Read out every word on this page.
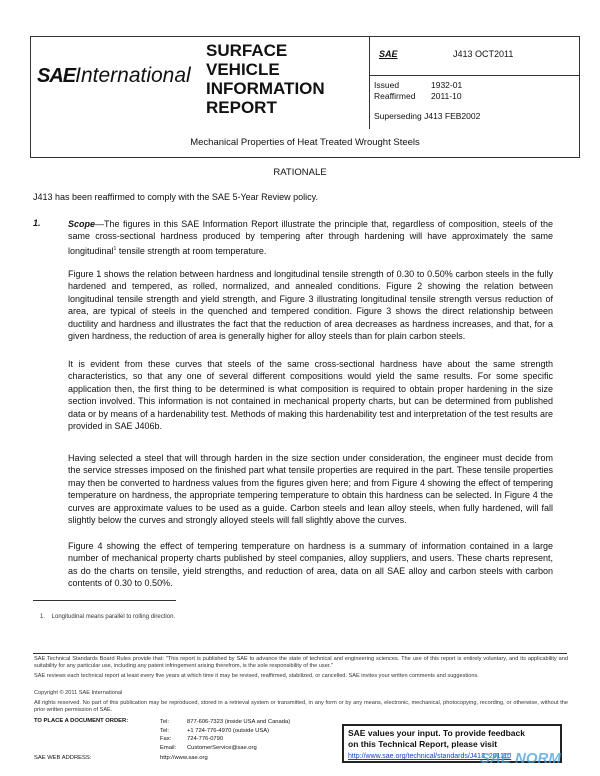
SAEInternational
SURFACE
VEHICLE
INFORMATION
REPORT
SAE	J413 OCT2011
Issued	1932-01
Reaffirmed 2011-10
Superseding J413 FEB2002
Mechanical Properties of Heat Treated Wrought Steels
RATIONALE
J413 has been reaffirmed to comply with the SAE 5-Year Review policy.
1.	Scope—The figures in this SAE Information Report illustrate the principle that, regardless of composition, steels of the same cross-sectional hardness produced by tempering after through hardening will have approximately the same longitudinal$^1$ tensile strength at room temperature.

Figure 1 shows the relation between hardness and longitudinal tensile strength of 0.30 to 0.50% carbon steels in the fully hardened and tempered, as rolled, normalized, and annealed conditions. Figure 2 showing the relation between longitudinal tensile strength and yield strength, and Figure 3 illustrating longitudinal tensile strength versus reduction of area, are typical of steels in the quenched and tempered condition. Figure 3 shows the direct relationship between ductility and hardness and illustrates the fact that the reduction of area decreases as hardness increases, and that, for a given hardness, the reduction of area is generally higher for alloy steels than for plain carbon steels.

It is evident from these curves that steels of the same cross-sectional hardness have about the same strength characteristics, so that any one of several different compositions would yield the same results. For some specific application then, the first thing to be determined is what composition is required to obtain proper hardening in the size section involved. This information is not contained in mechanical property charts, but can be determined from published data or by means of a hardenability test. Methods of making this hardenability test and interpretation of the test results are provided in SAE J406b.

Having selected a steel that will through harden in the size section under consideration, the engineer must decide from the service stresses imposed on the finished part what tensile properties are required in the part. These tensile properties may then be converted to hardness values from the figures given here; and from Figure 4 showing the effect of tempering temperature on hardness, the appropriate tempering temperature to obtain this hardness can be selected. In Figure 4 the curves are approximate values to be used as a guide. Carbon steels and lean alloy steels, when fully hardened, will fall slightly below the curves and strongly alloyed steels will fall slightly above the curves.

Figure 4 showing the effect of tempering temperature on hardness is a summary of information contained in a large number of mechanical property charts published by steel companies, alloy suppliers, and users. These charts represent, as do the charts on tensile, yield strengths, and reduction of area, data on all SAE alloy and carbon steels with carbon contents of 0.30 to 0.50%.

1.    Longitudinal means parallel to rolling direction.
SAE Technical Standards Board Rules provide that: "This report is published by SAE to advance the state of technical and engineering sciences. The use of this report is entirely voluntary, and its applicability and suitability for any particular use, including any patent infringement arising therefrom, is the sole responsibility of the user."
SAE reviews each technical report at least every five years at which time it may be revised, reaffirmed, stabilized, or cancelled. SAE invites your written comments and suggestions.
Copyright © 2011 SAE International
All rights reserved. No part of this publication may be reproduced, stored in a retrieval system or transmitted, in any form or by any means, electronic, mechanical, photocopying, recording, or otherwise, without the prior written permission of SAE.
TO PLACE A DOCUMENT ORDER:	Tel:	877-606-7323 (inside USA and Canada)
Tel:	+1 724-776-4970 (outside USA)
Fax:	724-776-0790
Email: CustomerService@sae.org
SAE WEB ADDRESS:	http://www.sae.org
SAE values your input. To provide feedback
on this Technical Report, please visit
http://www.sae.org/technical/standards/J413_201110
SAE NORM
